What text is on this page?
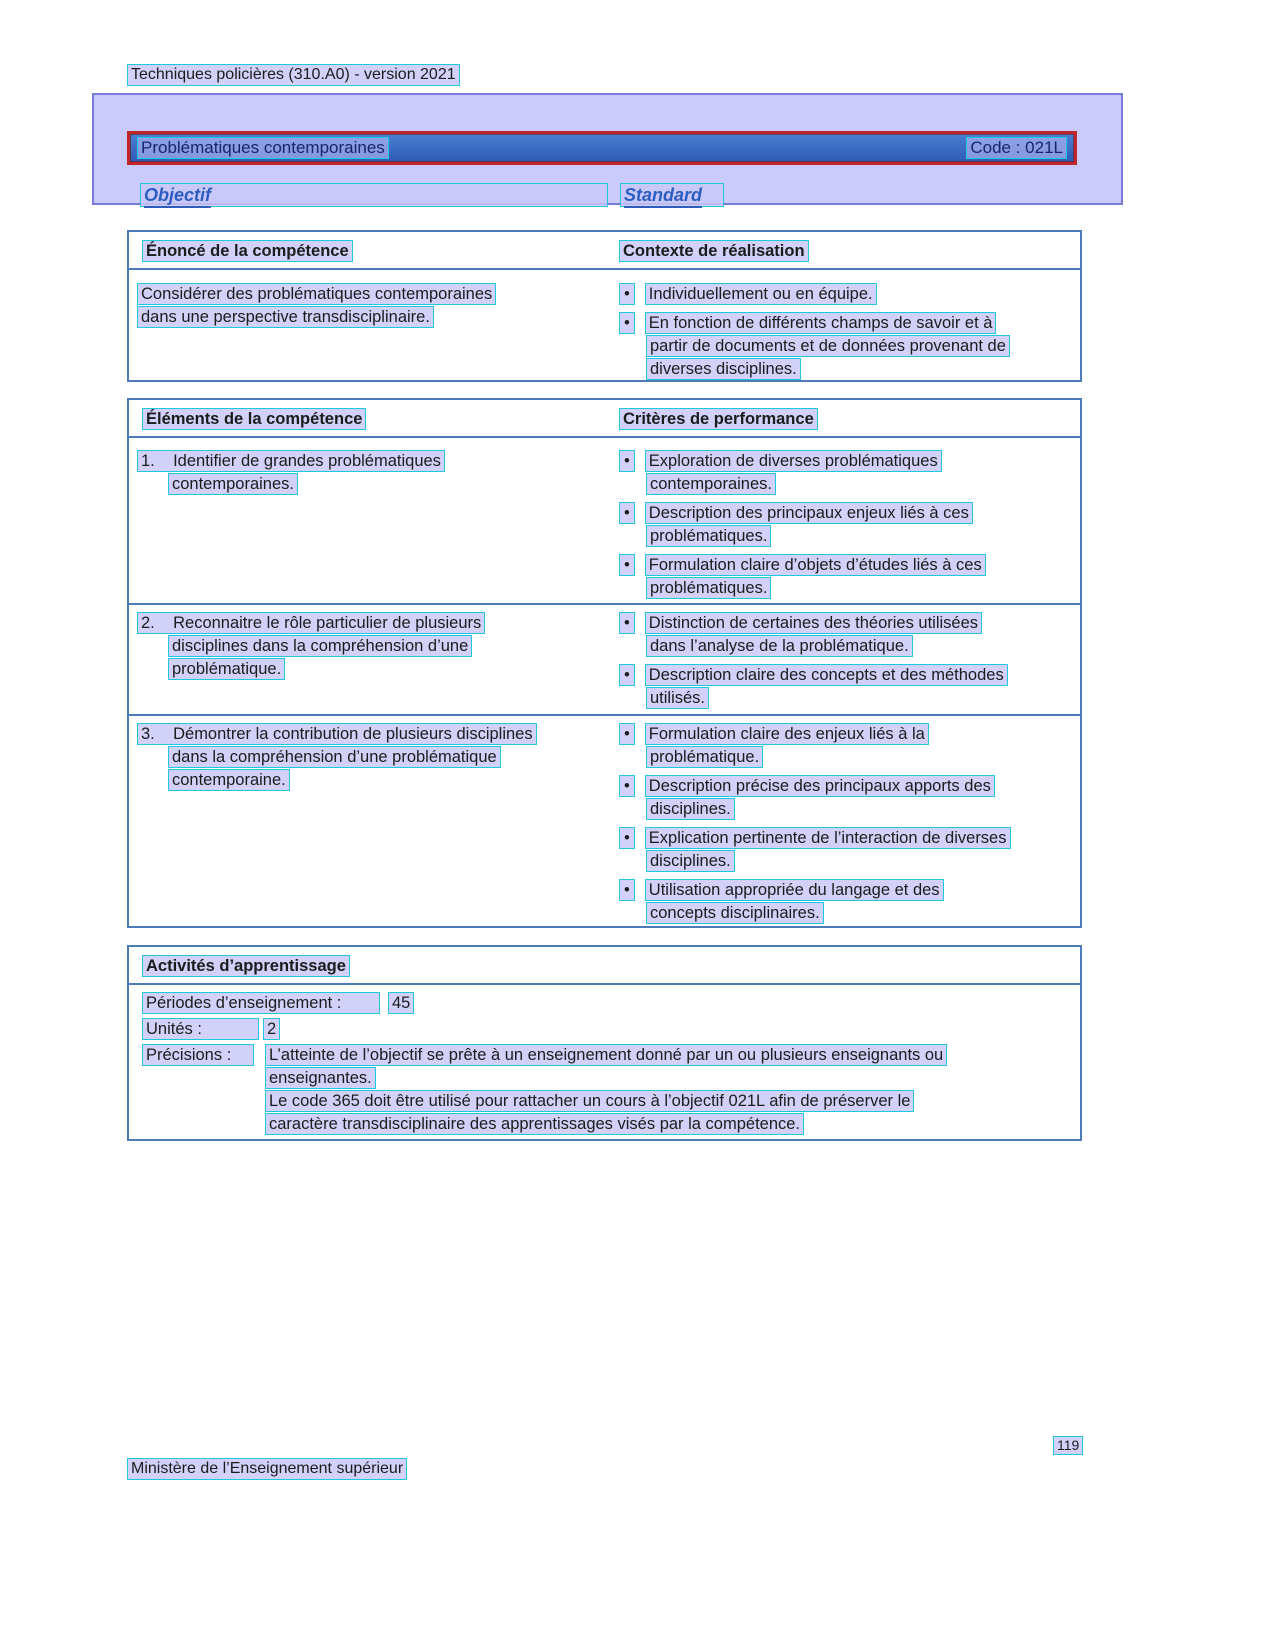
Techniques policières (310.A0) - version 2021
Problématiques contemporaines	Code : 021L
Objectif	Standard
Énoncé de la compétence	Contexte de réalisation
Considérer des problématiques contemporaines
dans une perspective transdisciplinaire.
•	Individuellement ou en équipe.
•	En fonction de différents champs de savoir et à
partir de documents et de données provenant de
diverses disciplines.
Éléments de la compétence	Critères de performance
1.    Identifier de grandes problématiques
contemporaines.
•	Exploration de diverses problématiques
contemporaines.
•	Description des principaux enjeux liés à ces
problématiques.
•	Formulation claire d’objets d’études liés à ces
problématiques.
2.    Reconnaitre le rôle particulier de plusieurs
disciplines dans la compréhension d’une
problématique.
•	Distinction de certaines des théories utilisées
dans l’analyse de la problématique.
•	Description claire des concepts et des méthodes
utilisés.
3.    Démontrer la contribution de plusieurs disciplines
dans la compréhension d’une problématique
contemporaine.
•	Formulation claire des enjeux liés à la
problématique.
•	Description précise des principaux apports des
disciplines.
•	Explication pertinente de l’interaction de diverses
disciplines.
•	Utilisation appropriée du langage et des
concepts disciplinaires.
Activités d’apprentissage
Périodes d’enseignement :	45
Unités :	2
Précisions :	L’atteinte de l’objectif se prête à un enseignement donné par un ou plusieurs enseignants ou
enseignantes.
Le code 365 doit être utilisé pour rattacher un cours à l’objectif 021L afin de préserver le
caractère transdisciplinaire des apprentissages visés par la compétence.
119
Ministère de l’Enseignement supérieur
